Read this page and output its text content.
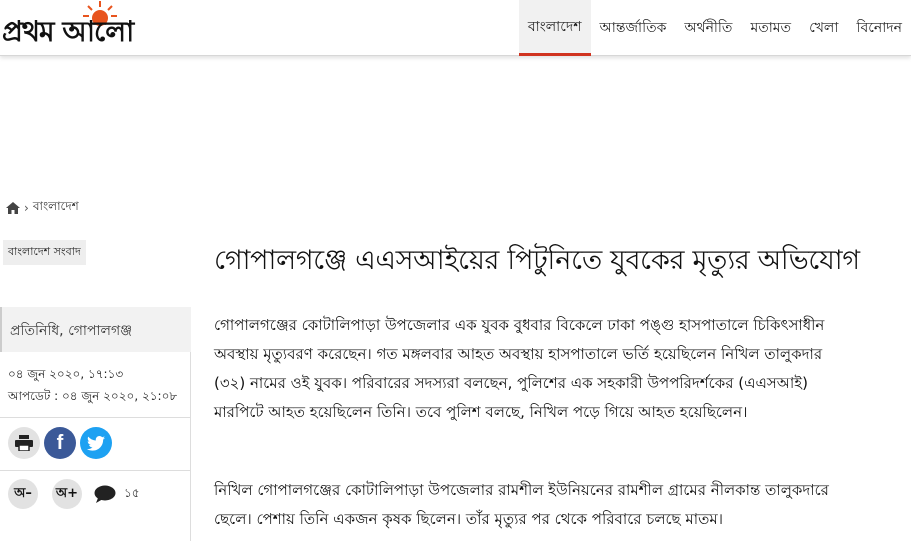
প্রথম আলো	বাংলাদেশ	আন্তর্জাতিক	অর্থনীতি	মতামত	খেলা	বিনোদন
› বাংলাদেশ
বাংলাদেশ সংবাদ	গোপালগঞ্জে এএসআইয়ের পিটুনিতে যুবকের মৃত্যুর অভিযোগ
প্রতিনিধি, গোপালগঞ্জ
০৪ জুন ২০২০, ১৭:১৩
আপডেট : ০৪ জুন ২০২০, ২১:০৮
f
অ–	অ+	১৫

গোপালগঞ্জের কোটালিপাড়া উপজেলার এক যুবক বুধবার বিকেলে ঢাকা পঙ্গু হাসপাতালে চিকিৎসাধীন অবস্থায় মৃত্যুবরণ করেছেন। গত মঙ্গলবার আহত অবস্থায় হাসপাতালে ভর্তি হয়েছিলেন নিখিল তালুকদার (৩২) নামের ওই যুবক। পরিবারের সদস্যরা বলছেন, পুলিশের এক সহকারী উপপরিদর্শকের (এএসআই) মারপিটে আহত হয়েছিলেন তিনি। তবে পুলিশ বলছে, নিখিল পড়ে গিয়ে আহত হয়েছিলেন।

নিখিল গোপালগঞ্জের কোটালিপাড়া উপজেলার রামশীল ইউনিয়নের রামশীল গ্রামের নীলকান্ত তালুকদারে ছেলে। পেশায় তিনি একজন কৃষক ছিলেন। তাঁর মৃত্যুর পর থেকে পরিবারে চলছে মাতম।
